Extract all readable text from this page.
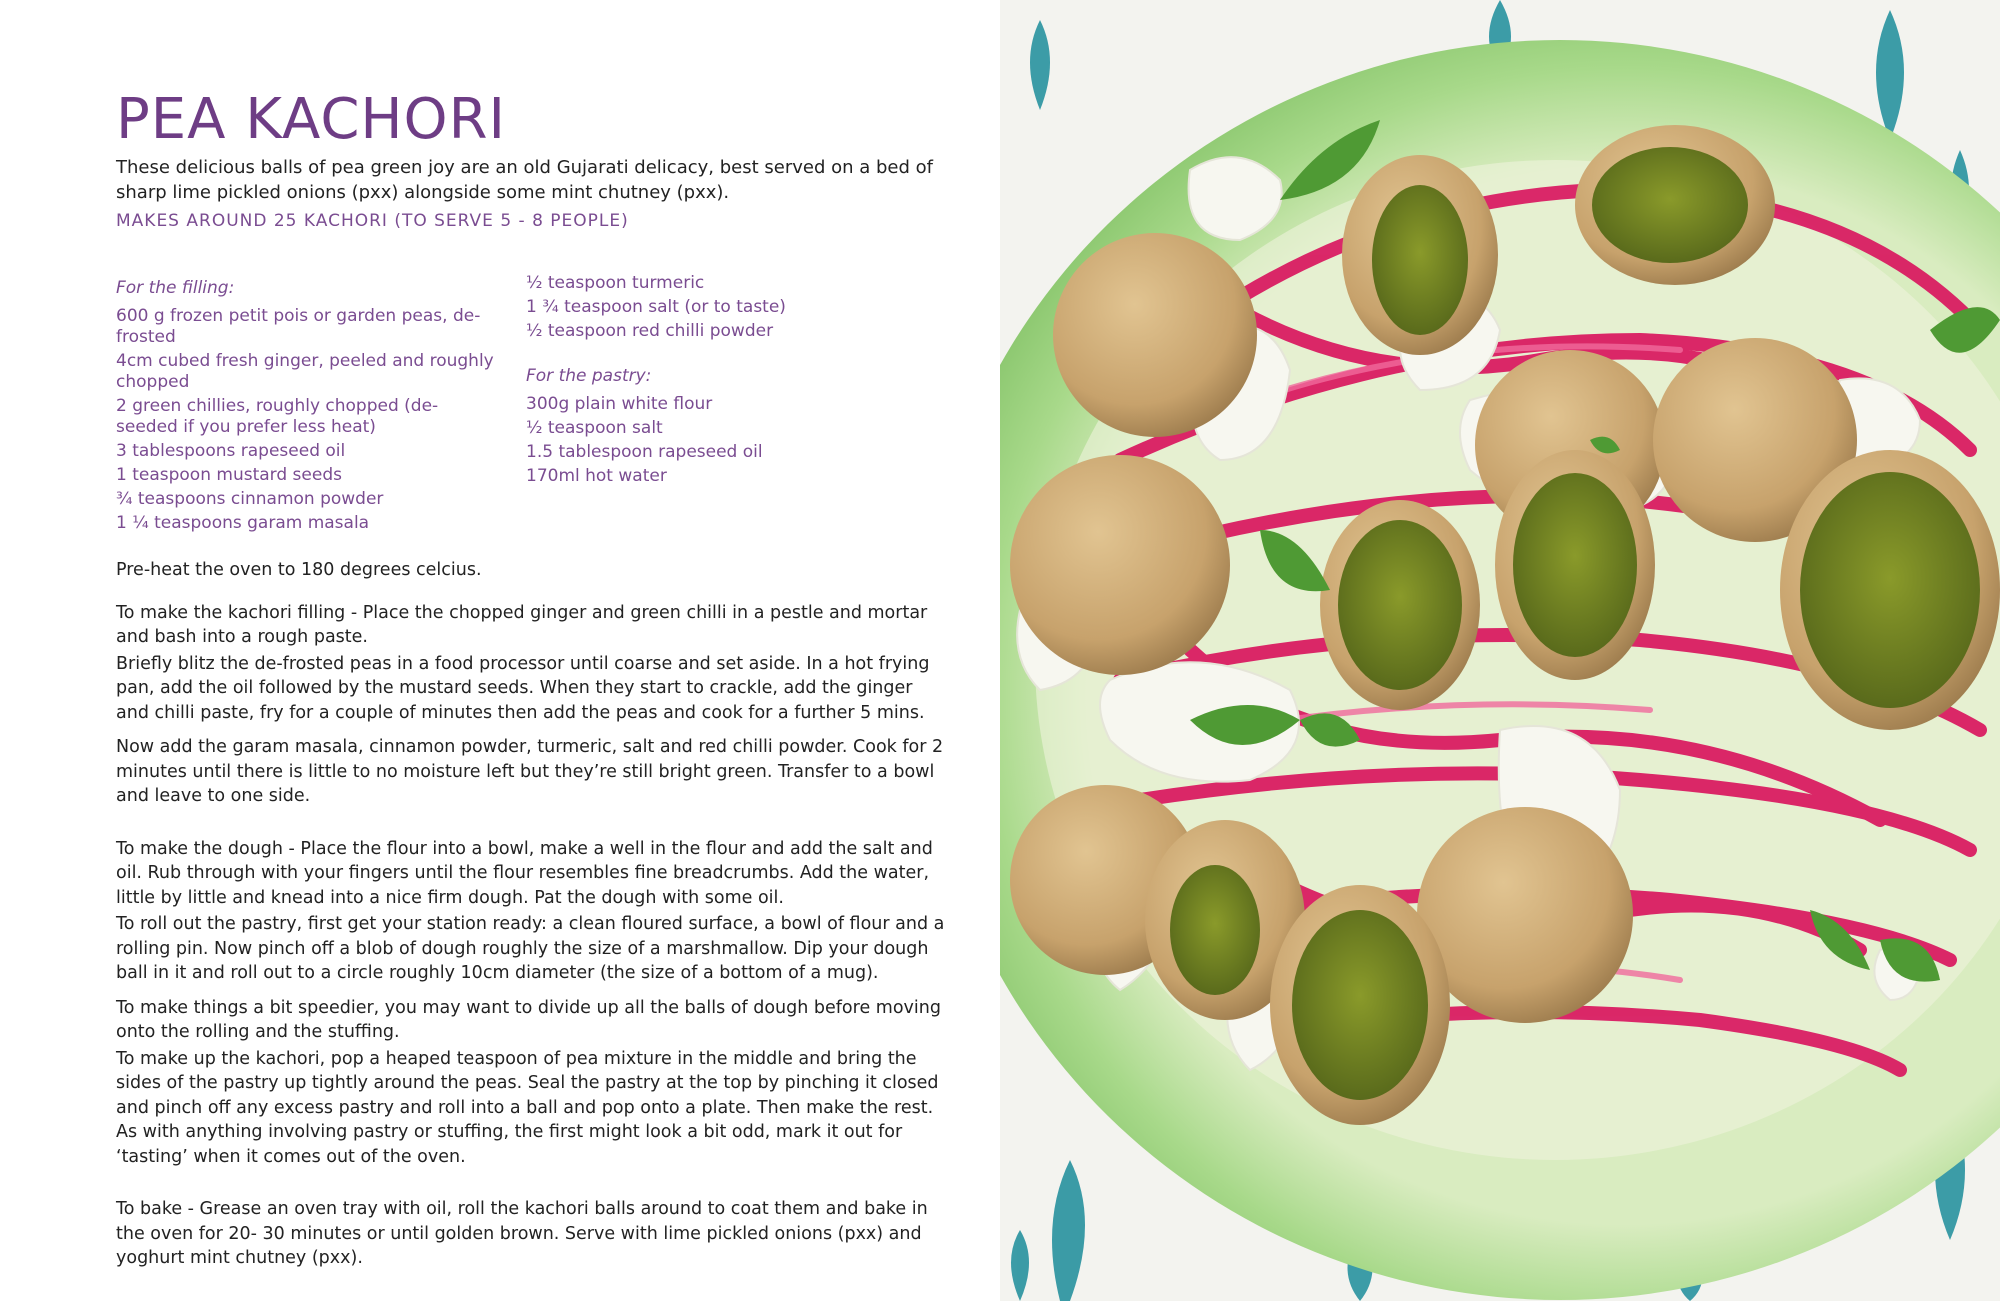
PEA KACHORI

These delicious balls of pea green joy are an old Gujarati delicacy, best served on a bed of sharp lime pickled onions (pxx) alongside some mint chutney (pxx).

MAKES AROUND 25 KACHORI (TO SERVE 5 - 8 PEOPLE)

For the filling:
600 g frozen petit pois or garden peas, de-frosted
4cm cubed fresh ginger, peeled and roughly chopped
2 green chillies, roughly chopped (de-seeded if you prefer less heat)
3 tablespoons rapeseed oil
1 teaspoon mustard seeds
¾ teaspoons cinnamon powder
1 ¼ teaspoons garam masala
½ teaspoon turmeric
1 ¾ teaspoon salt (or to taste)
½ teaspoon red chilli powder
For the pastry:
300g plain white flour
½ teaspoon salt
1.5 tablespoon rapeseed oil
170ml hot water

Pre-heat the oven to 180 degrees celcius.

To make the kachori filling - Place the chopped ginger and green chilli in a pestle and mortar and bash into a rough paste.

Briefly blitz the de-frosted peas in a food processor until coarse and set aside. In a hot frying pan, add the oil followed by the mustard seeds. When they start to crackle, add the ginger and chilli paste, fry for a couple of minutes then add the peas and cook for a further 5 mins.

Now add the garam masala, cinnamon powder, turmeric, salt and red chilli powder. Cook for 2 minutes until there is little to no moisture left but they’re still bright green. Transfer to a bowl and leave to one side.

To make the dough - Place the flour into a bowl, make a well in the flour and add the salt and oil. Rub through with your fingers until the flour resembles fine breadcrumbs. Add the water, little by little and knead into a nice firm dough. Pat the dough with some oil.

To roll out the pastry, first get your station ready: a clean floured surface, a bowl of flour and a rolling pin. Now pinch off a blob of dough roughly the size of a marshmallow. Dip your dough ball in it and roll out to a circle roughly 10cm diameter (the size of a bottom of a mug).

To make things a bit speedier, you may want to divide up all the balls of dough before moving onto the rolling and the stuffing.

To make up the kachori, pop a heaped teaspoon of pea mixture in the middle and bring the sides of the pastry up tightly around the peas. Seal the pastry at the top by pinching it closed and pinch off any excess pastry and roll into a ball and pop onto a plate. Then make the rest. As with anything involving pastry or stuffing, the first might look a bit odd, mark it out for ‘tasting’ when it comes out of the oven.

To bake - Grease an oven tray with oil, roll the kachori balls around to coat them and bake in the oven for 20- 30 minutes or until golden brown. Serve with lime pickled onions (pxx) and yoghurt mint chutney (pxx).
